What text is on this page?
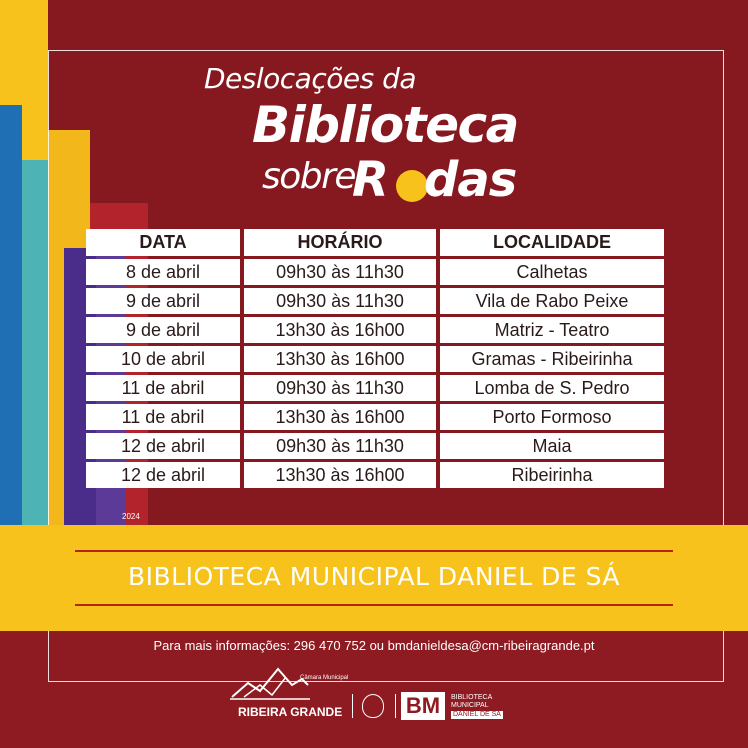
Deslocações da
Biblioteca
sobre
R das
DATA	HORÁRIO	LOCALIDADE
8 de abril	09h30 às 11h30	Calhetas
9 de abril	09h30 às 11h30	Vila de Rabo Peixe
9 de abril	13h30 às 16h00	Matriz - Teatro
10 de abril	13h30 às 16h00	Gramas - Ribeirinha
11 de abril	09h30 às 11h30	Lomba de S. Pedro
11 de abril	13h30 às 16h00	Porto Formoso
12 de abril	09h30 às 11h30	Maia
12 de abril	13h30 às 16h00	Ribeirinha
2024
BIBLIOTECA MUNICIPAL DANIEL DE SÁ
Para mais informações: 296 470 752 ou bmdanieldesa@cm-ribeiragrande.pt
Câmara Municipal
RIBEIRA GRANDE	BM	BIBLIOTECA
MUNICIPAL
DANIEL DE SÁ
